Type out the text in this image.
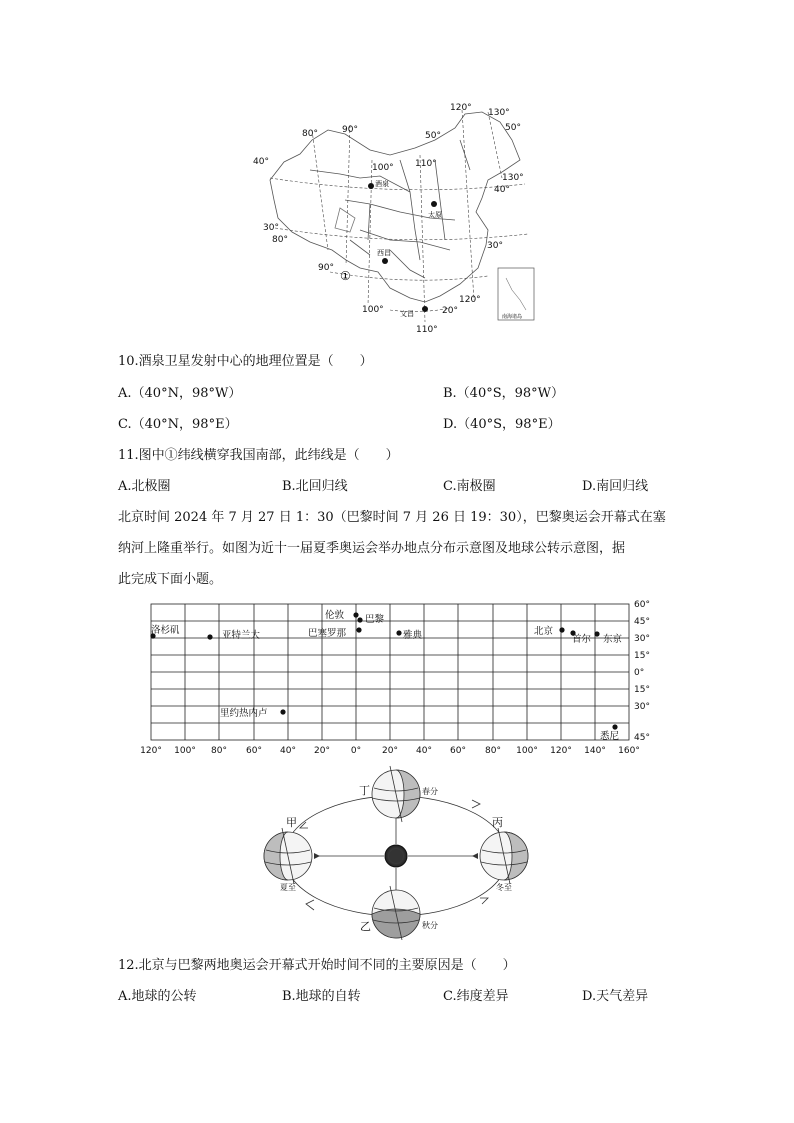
120° 130°
80°	90°
50°
50°
100° 110°
130°
40°
40°
30°
80°
30°
90°
120°
20°
100°
110°
酒泉
太原
西昌
文昌
①
南海诸岛
10.酒泉卫星发射中心的地理位置是（　　）
A.（40°N，98°W）	B.（40°S，98°W）
C.（40°N，98°E）	D.（40°S，98°E）
11.图中①纬线横穿我国南部，此纬线是（　　）
A.北极圈	B.北回归线	C.南极圈	D.南回归线
北京时间 2024 年 7 月 27 日 1：30（巴黎时间 7 月 26 日 19：30），巴黎奥运会开幕式在塞
纳河上隆重举行。如图为近十一届夏季奥运会举办地点分布示意图及地球公转示意图，据
此完成下面小题。
120° 100° 80° 60° 40° 20° 0° 20° 40° 60° 80° 100° 120° 140° 160°
60°
45°
30°
15°
0°
15°
30°
45°
洛杉矶	亚特兰大
伦敦 巴黎
巴塞罗那	雅典	北京
首尔 东京
里约热内卢
悉尼
丁
甲	丙
乙
春分
夏至	冬至
秋分
12.北京与巴黎两地奥运会开幕式开始时间不同的主要原因是（　　）
A.地球的公转	B.地球的自转	C.纬度差异	D.天气差异
